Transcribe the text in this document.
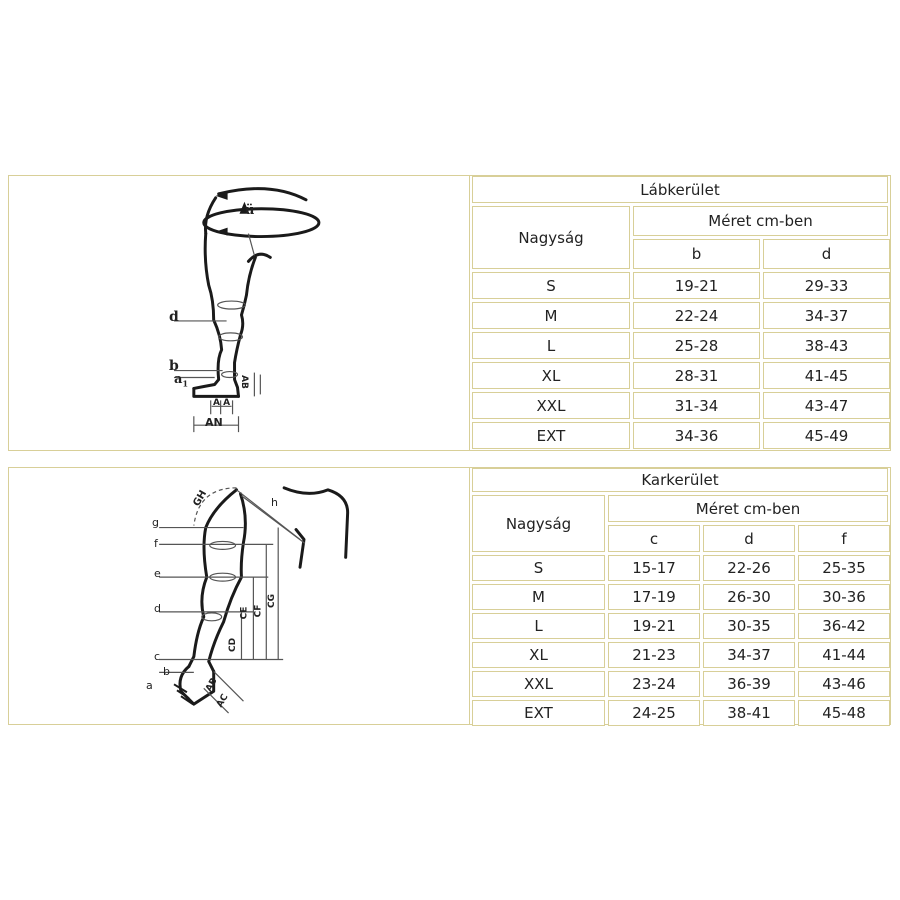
ü
d
b
$a_1$	AB
A A
AN
Lábkerület
Nagyság
Méret cm-ben
b	d
S	19-21	29-33
M	22-24	34-37
L	25-28	38-43
XL	28-31	41-45
XXL	31-34	43-47
EXT	34-36	45-49
GH	h
g
f
e
d
c
b
a
CD
CE CF
CG
AB
AC
Karkerület
Nagyság
Méret cm-ben
c	d	f
S	15-17	22-26	25-35
M	17-19	26-30	30-36
L	19-21	30-35	36-42
XL	21-23	34-37	41-44
XXL	23-24	36-39	43-46
EXT	24-25	38-41	45-48
